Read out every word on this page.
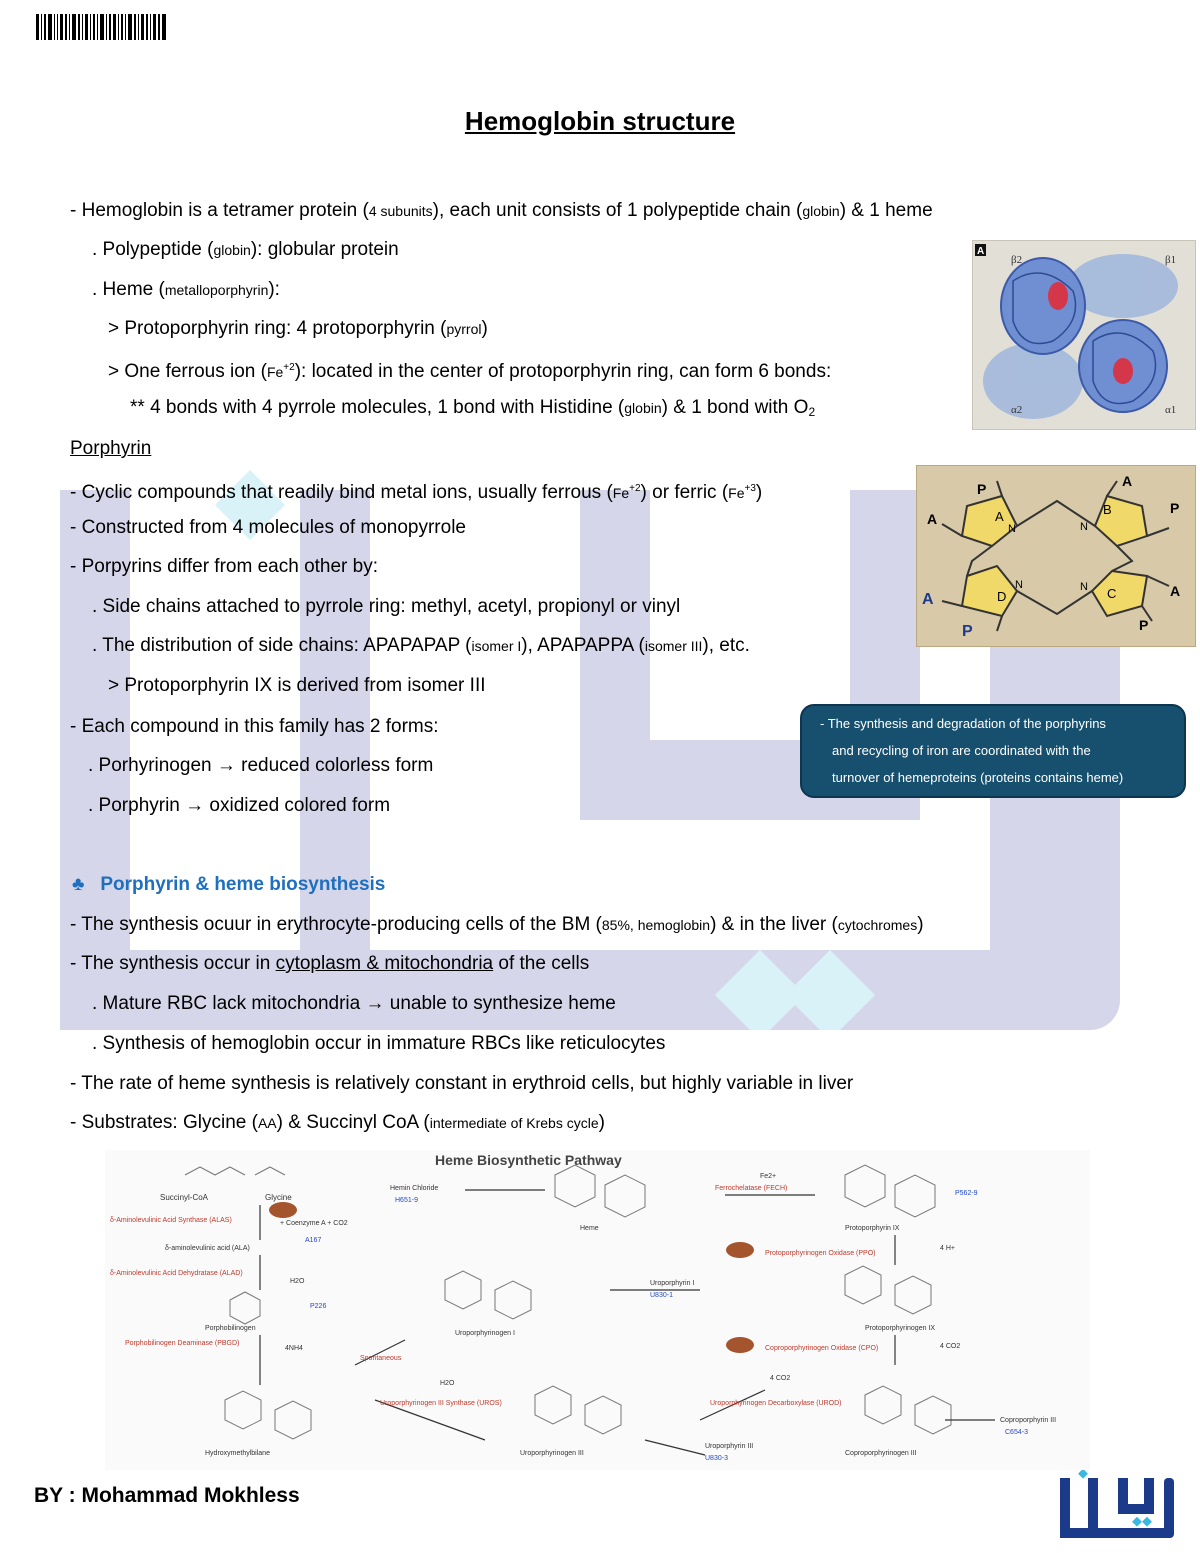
Hemoglobin structure
- Hemoglobin is a tetramer protein (4 subunits), each unit consists of 1 polypeptide chain (globin) & 1 heme
. Polypeptide (globin): globular protein
. Heme (metalloporphyrin):
> Protoporphyrin ring: 4 protoporphyrin (pyrrol)
> One ferrous ion $(Fe^{+2})$: located in the center of protoporphyrin ring, can form 6 bonds:
** 4 bonds with 4 pyrrole molecules, 1 bond with Histidine (globin) & 1 bond with O2
Porphyrin
- Cyclic compounds that readily bind metal ions, usually ferrous $(Fe^{+2})$ or ferric $(Fe^{+3})$
- Constructed from 4 molecules of monopyrrole
- Porpyrins differ from each other by:
. Side chains attached to pyrrole ring: methyl, acetyl, propionyl or vinyl
. The distribution of side chains: APAPAPAP (isomer I), APAPAPPA (isomer III), etc.
> Protoporphyrin IX is derived from isomer III
- Each compound in this family has 2 forms:
. Porhyrinogen → reduced colorless form
. Porphyrin → oxidized colored form
- The synthesis and degradation of the porphyrins
and recycling of iron are coordinated with the
turnover of hemeproteins (proteins contains heme)
♣ Porphyrin & heme biosynthesis
- The synthesis ocuur in erythrocyte-producing cells of the BM (85%, hemoglobin) & in the liver (cytochromes)
- The synthesis occur in cytoplasm & mitochondria of the cells
. Mature RBC lack mitochondria → unable to synthesize heme
. Synthesis of hemoglobin occur in immature RBCs like reticulocytes
- The rate of heme synthesis is relatively constant in erythroid cells, but highly variable in liver
- Substrates: Glycine (AA) & Succinyl CoA (intermediate of Krebs cycle)
A
β2	β1
α2	α1
A	B
C
D
N	N
N
N
P
A
A
P
A
P
A
P
Heme Biosynthetic Pathway
Succinyl-CoA	Glycine
δ-Aminolevulinic Acid Synthase (ALAS)	+ Coenzyme A + CO2
δ-aminolevulinic acid (ALA)
A167
δ-Aminolevulinic Acid Dehydratase (ALAD)
H2O
P226
Porphobilinogen
Porphobilinogen Deaminase (PBGD)
4NH4
Hydroxymethylbilane
Spontaneous
Uroporphyrinogen I
Uroporphyrin I
U830-1
Uroporphyrinogen III Synthase (UROS)
H2O
Uroporphyrinogen III
Uroporphyrin III
U830-3
Uroporphyrinogen Decarboxylase (UROD)
4 CO2
Coproporphyrinogen III
Coproporphyrin III
C654-3
Coproporphyrinogen Oxidase (CPO)	4 CO2
Protoporphyrinogen IX
Protoporphyrinogen Oxidase (PPO)
4 H+
Protoporphyrin IX
P562-9
Ferrochelatase (FECH)
Fe2+
Heme
Hemin Chloride
H651-9
BY : Mohammad Mokhless
